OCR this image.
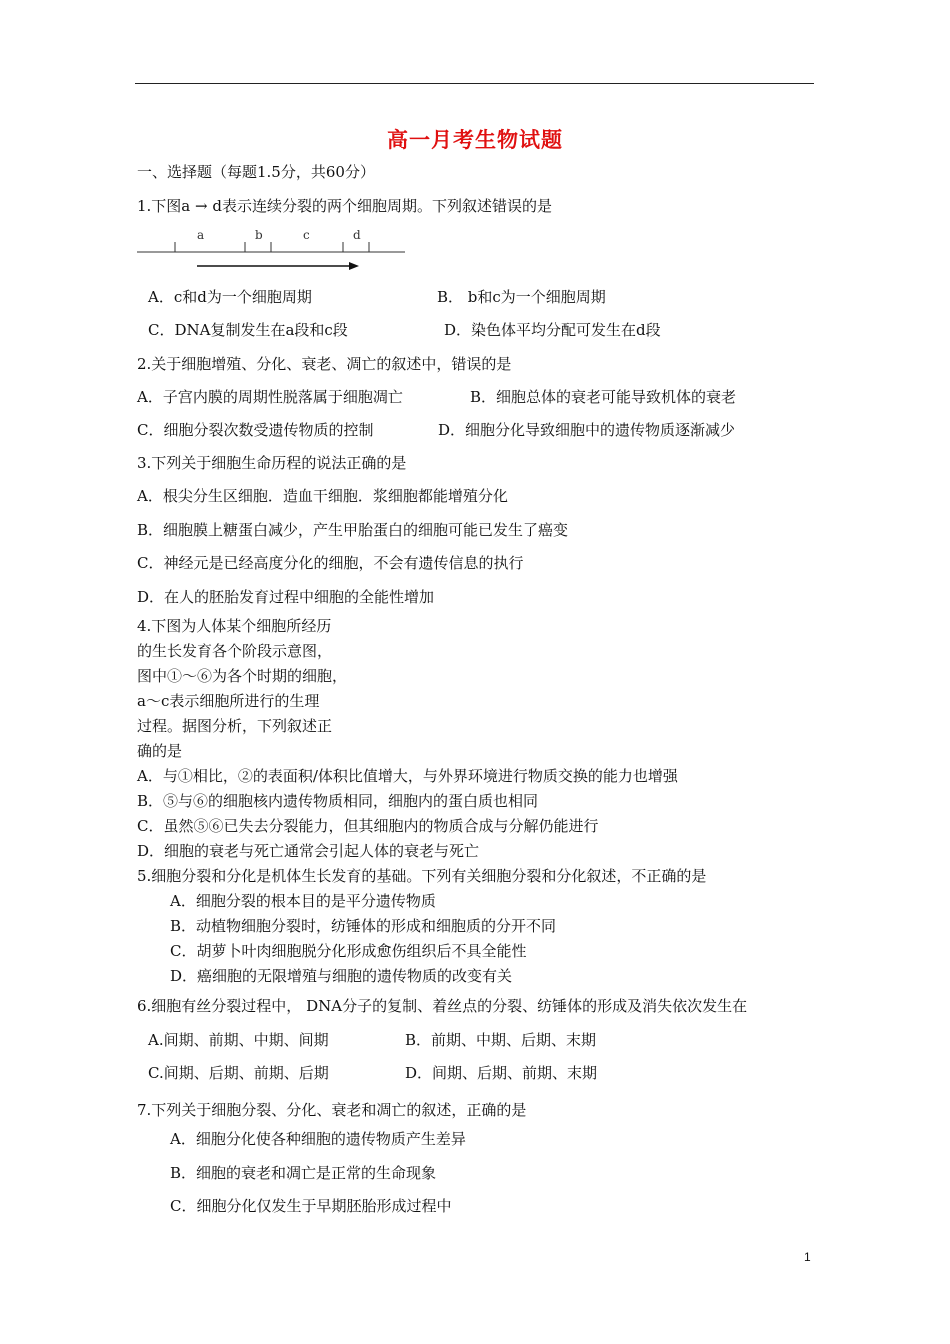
高一月考生物试题
一、选择题（每题1.5分，共60分）
1.下图a → d表示连续分裂的两个细胞周期。下列叙述错误的是
a	b	c	d
A．c和d为一个细胞周期	B． b和c为一个细胞周期
C．DNA复制发生在a段和c段	D．染色体平均分配可发生在d段
2.关于细胞增殖、分化、衰老、凋亡的叙述中，错误的是
A．子宫内膜的周期性脱落属于细胞凋亡	B．细胞总体的衰老可能导致机体的衰老
C．细胞分裂次数受遗传物质的控制	D．细胞分化导致细胞中的遗传物质逐渐减少
3.下列关于细胞生命历程的说法正确的是
A．根尖分生区细胞．造血干细胞．浆细胞都能增殖分化
B．细胞膜上糖蛋白减少，产生甲胎蛋白的细胞可能已发生了癌变
C．神经元是已经高度分化的细胞，不会有遗传信息的执行
D．在人的胚胎发育过程中细胞的全能性增加
4.下图为人体某个细胞所经历
的生长发育各个阶段示意图，
图中①～⑥为各个时期的细胞，
a～c表示细胞所进行的生理
过程。据图分析，下列叙述正
确的是
A．与①相比，②的表面积/体积比值增大，与外界环境进行物质交换的能力也增强
B．⑤与⑥的细胞核内遗传物质相同，细胞内的蛋白质也相同
C．虽然⑤⑥已失去分裂能力，但其细胞内的物质合成与分解仍能进行
D．细胞的衰老与死亡通常会引起人体的衰老与死亡
5.细胞分裂和分化是机体生长发育的基础。下列有关细胞分裂和分化叙述，不正确的是
A．细胞分裂的根本目的是平分遗传物质
B．动植物细胞分裂时，纺锤体的形成和细胞质的分开不同
C．胡萝卜叶肉细胞脱分化形成愈伤组织后不具全能性
D．癌细胞的无限增殖与细胞的遗传物质的改变有关
6.细胞有丝分裂过程中， DNA分子的复制、着丝点的分裂、纺锤体的形成及消失依次发生在
A.间期、前期、中期、间期	B．前期、中期、后期、末期
C.间期、后期、前期、后期	D．间期、后期、前期、末期
7.下列关于细胞分裂、分化、衰老和凋亡的叙述，正确的是
A．细胞分化使各种细胞的遗传物质产生差异
B．细胞的衰老和凋亡是正常的生命现象
C．细胞分化仅发生于早期胚胎形成过程中
1
